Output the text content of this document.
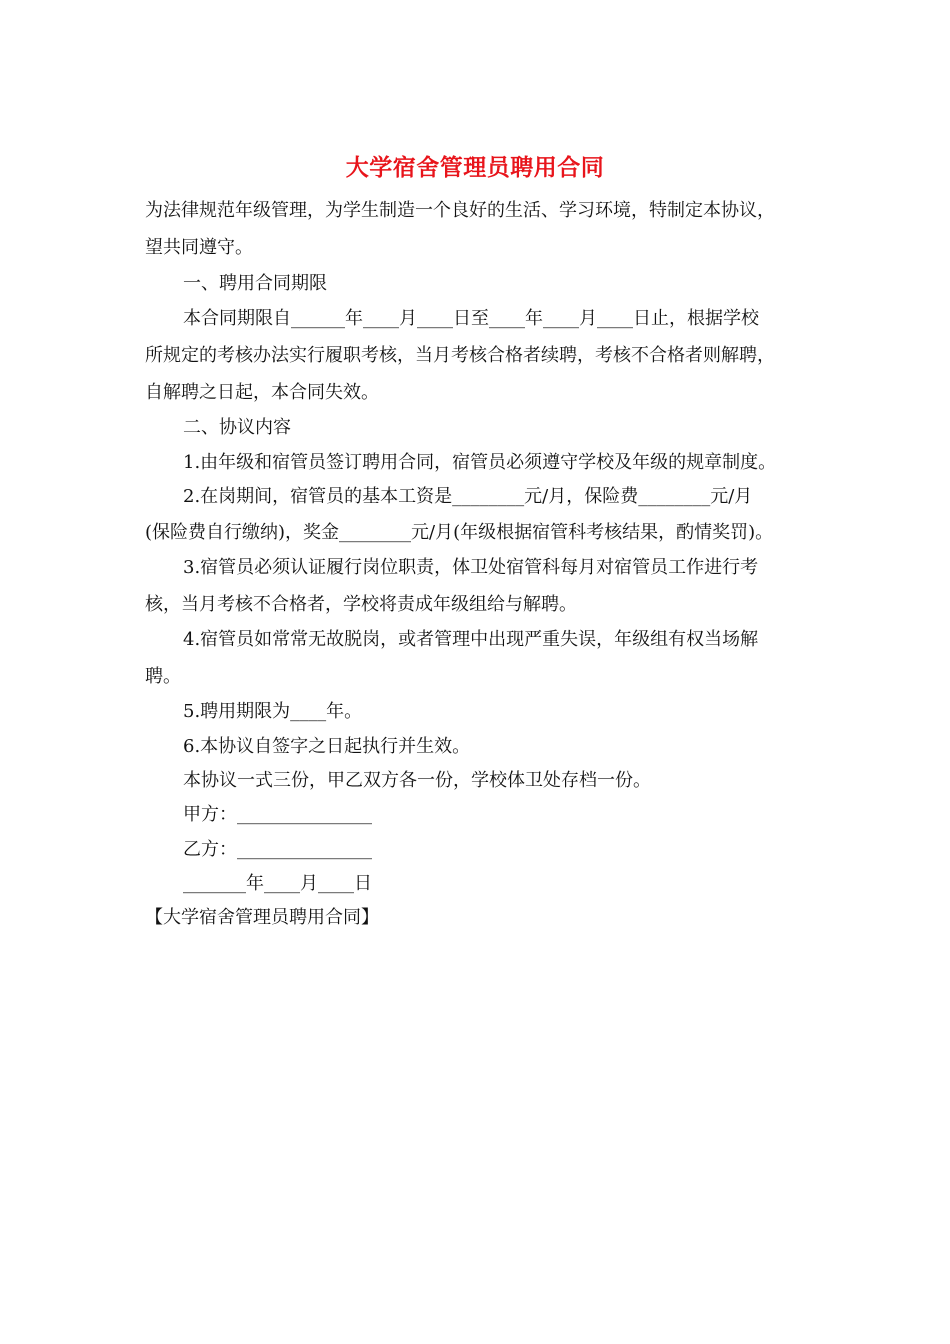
大学宿舍管理员聘用合同
为法律规范年级管理，为学生制造一个良好的生活、学习环境，特制定本协议，
望共同遵守。
一、聘用合同期限
本合同期限自______年____月____日至____年____月____日止，根据学校
所规定的考核办法实行履职考核，当月考核合格者续聘，考核不合格者则解聘，
自解聘之日起，本合同失效。
二、协议内容
1.由年级和宿管员签订聘用合同，宿管员必须遵守学校及年级的规章制度。
2.在岗期间，宿管员的基本工资是________元/月，保险费________元/月
(保险费自行缴纳)，奖金________元/月(年级根据宿管科考核结果，酌情奖罚)。
3.宿管员必须认证履行岗位职责，体卫处宿管科每月对宿管员工作进行考
核，当月考核不合格者，学校将责成年级组给与解聘。
4.宿管员如常常无故脱岗，或者管理中出现严重失误，年级组有权当场解
聘。
5.聘用期限为____年。
6.本协议自签字之日起执行并生效。
本协议一式三份，甲乙双方各一份，学校体卫处存档一份。
甲方：_______________
乙方：_______________
_______年____月____日
【大学宿舍管理员聘用合同】
